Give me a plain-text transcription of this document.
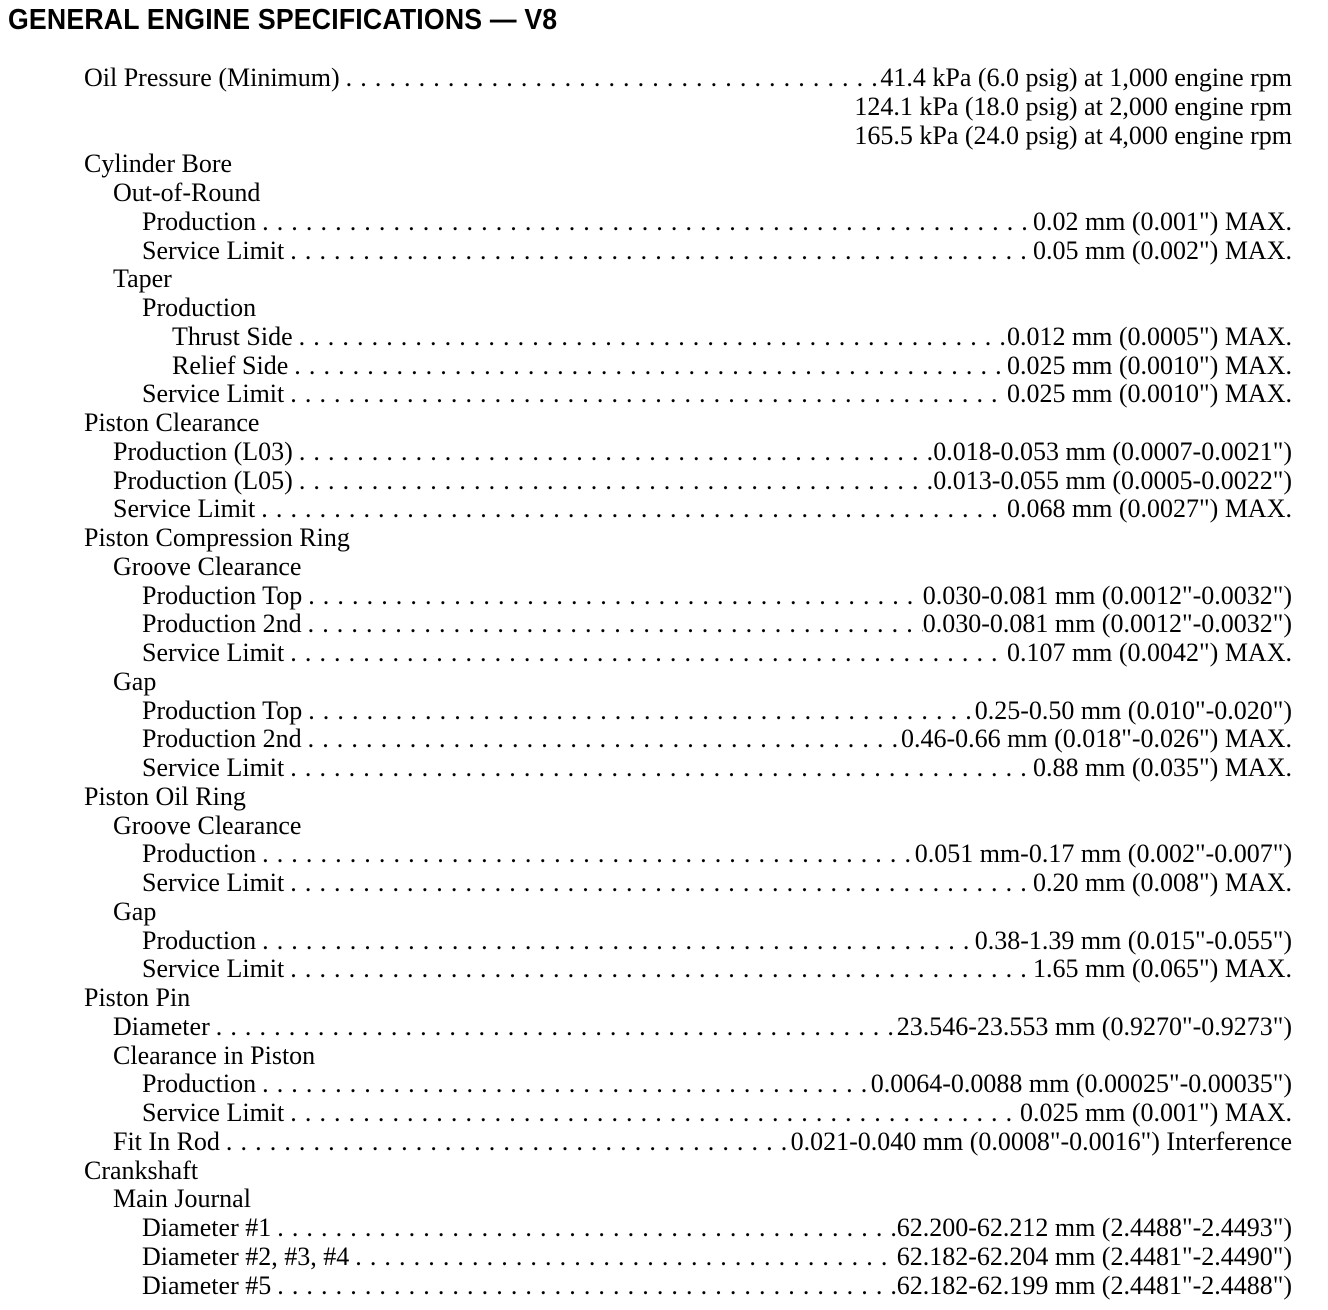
GENERAL ENGINE SPECIFICATIONS — V8
Oil Pressure (Minimum) . . .	41.4 kPa (6.0 psig) at 1,000 engine rpm
124.1 kPa (18.0 psig) at 2,000 engine rpm
165.5 kPa (24.0 psig) at 4,000 engine rpm
Cylinder Bore
Out-of-Round
Production . . .	0.02 mm (0.001") MAX.
Service Limit . . .	0.05 mm (0.002") MAX.
Taper
Production
Thrust Side . . .	0.012 mm (0.0005") MAX.
Relief Side . . .	0.025 mm (0.0010") MAX.
Service Limit . . .	0.025 mm (0.0010") MAX.
Piston Clearance
Production (L03) . . .	0.018-0.053 mm (0.0007-0.0021")
Production (L05) . . .	0.013-0.055 mm (0.0005-0.0022")
Service Limit . . .	0.068 mm (0.0027") MAX.
Piston Compression Ring
Groove Clearance
Production Top . . .	0.030-0.081 mm (0.0012"-0.0032")
Production 2nd . . .	0.030-0.081 mm (0.0012"-0.0032")
Service Limit . . .	0.107 mm (0.0042") MAX.
Gap
Production Top . . .	0.25-0.50 mm (0.010"-0.020")
Production 2nd . . .	0.46-0.66 mm (0.018"-0.026") MAX.
Service Limit . . .	0.88 mm (0.035") MAX.
Piston Oil Ring
Groove Clearance
Production . . .	0.051 mm-0.17 mm (0.002"-0.007")
Service Limit . . .	0.20 mm (0.008") MAX.
Gap
Production . . .	0.38-1.39 mm (0.015"-0.055")
Service Limit . . .	1.65 mm (0.065") MAX.
Piston Pin
Diameter . . .	23.546-23.553 mm (0.9270"-0.9273")
Clearance in Piston
Production . . .	0.0064-0.0088 mm (0.00025"-0.00035")
Service Limit . . .	0.025 mm (0.001") MAX.
Fit In Rod . . .	0.021-0.040 mm (0.0008"-0.0016") Interference
Crankshaft
Main Journal
Diameter #1 . . .	62.200-62.212 mm (2.4488"-2.4493")
Diameter #2, #3, #4 . . .	62.182-62.204 mm (2.4481"-2.4490")
Diameter #5 . . .	62.182-62.199 mm (2.4481"-2.4488")
